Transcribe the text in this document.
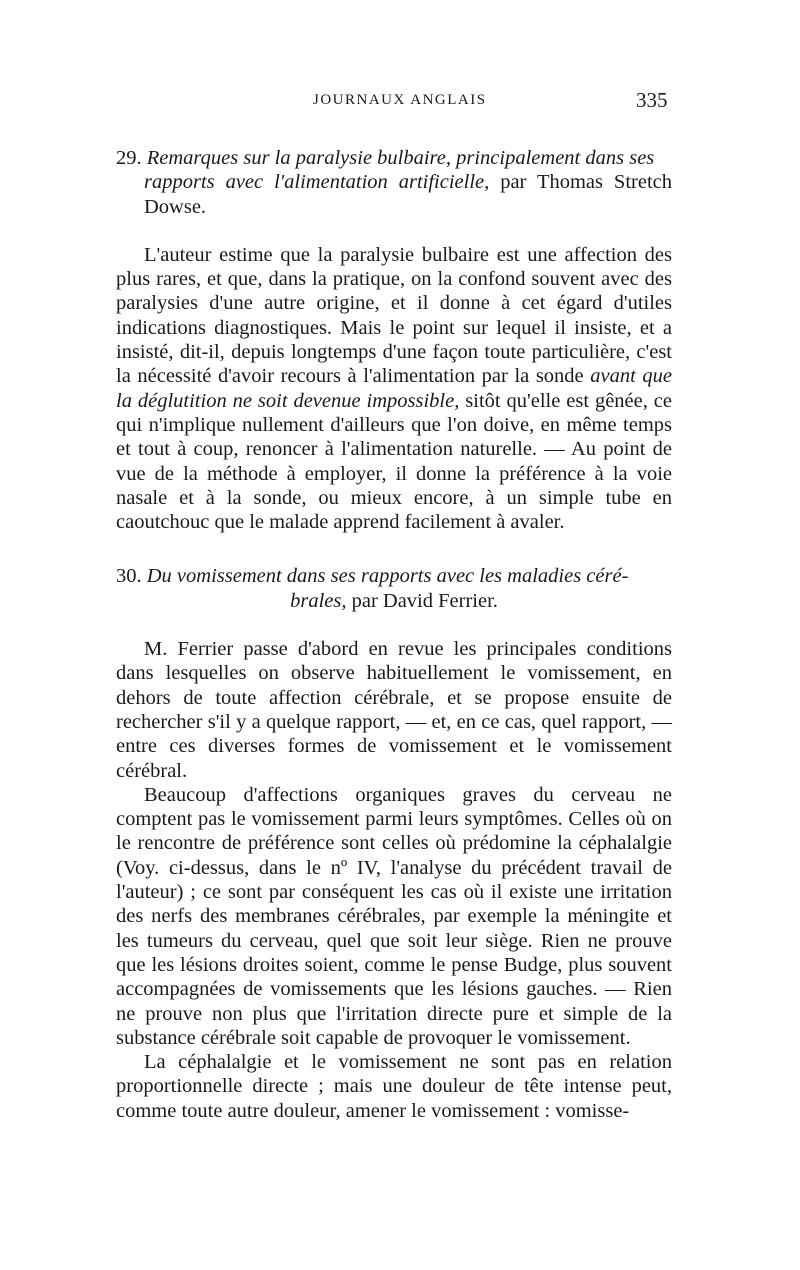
JOURNAUX ANGLAIS	335

29. Remarques sur la paralysie bulbaire, principalement dans ses
rapports avec l'alimentation artificielle, par Thomas Stretch Dowse.

L'auteur estime que la paralysie bulbaire est une affection des plus rares, et que, dans la pratique, on la confond souvent avec des paralysies d'une autre origine, et il donne à cet égard d'utiles indications diagnostiques. Mais le point sur lequel il insiste, et a insisté, dit-il, depuis longtemps d'une façon toute particulière, c'est la nécessité d'avoir recours à l'alimentation par la sonde avant que la déglutition ne soit devenue impossible, sitôt qu'elle est gênée, ce qui n'implique nullement d'ailleurs que l'on doive, en même temps et tout à coup, renoncer à l'alimentation naturelle. — Au point de vue de la méthode à employer, il donne la préférence à la voie nasale et à la sonde, ou mieux encore, à un simple tube en caoutchouc que le malade apprend facilement à avaler.

30. Du vomissement dans ses rapports avec les maladies céré-
brales, par David Ferrier.

M. Ferrier passe d'abord en revue les principales conditions dans lesquelles on observe habituellement le vomissement, en dehors de toute affection cérébrale, et se propose ensuite de rechercher s'il y a quelque rapport, — et, en ce cas, quel rapport, — entre ces diverses formes de vomissement et le vomissement cérébral.

Beaucoup d'affections organiques graves du cerveau ne comptent pas le vomissement parmi leurs symptômes. Celles où on le rencontre de préférence sont celles où prédomine la céphalalgie (Voy. ci-dessus, dans le nº IV, l'analyse du précédent travail de l'auteur) ; ce sont par conséquent les cas où il existe une irritation des nerfs des membranes cérébrales, par exemple la méningite et les tumeurs du cerveau, quel que soit leur siège. Rien ne prouve que les lésions droites soient, comme le pense Budge, plus souvent accompagnées de vomissements que les lésions gauches. — Rien ne prouve non plus que l'irritation directe pure et simple de la substance cérébrale soit capable de provoquer le vomissement.

La céphalalgie et le vomissement ne sont pas en relation proportionnelle directe ; mais une douleur de tête intense peut, comme toute autre douleur, amener le vomissement : vomisse-
